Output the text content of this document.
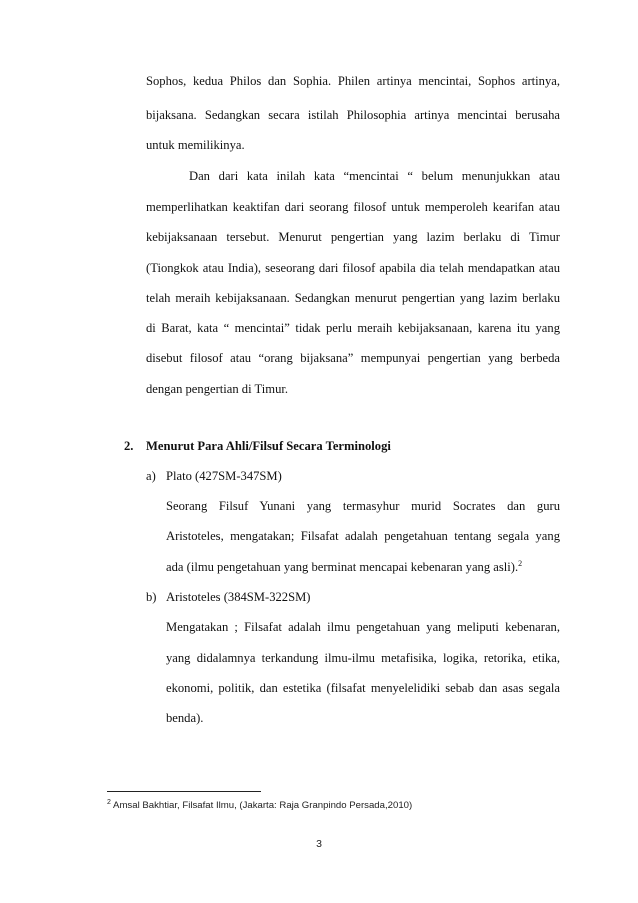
Sophos, kedua Philos dan Sophia. Philen artinya mencintai, Sophos artinya,
bijaksana. Sedangkan secara istilah Philosophia artinya mencintai berusaha
untuk memilikinya.
Dan dari kata inilah kata “mencintai “ belum menunjukkan atau
memperlihatkan keaktifan dari seorang filosof untuk memperoleh kearifan atau
kebijaksanaan tersebut. Menurut pengertian yang lazim berlaku di Timur
(Tiongkok atau India), seseorang dari filosof apabila dia telah mendapatkan atau
telah meraih kebijaksanaan. Sedangkan menurut pengertian yang lazim berlaku
di Barat, kata “ mencintai” tidak perlu meraih kebijaksanaan, karena itu yang
disebut filosof atau “orang bijaksana” mempunyai pengertian yang berbeda
dengan pengertian di Timur.
2. Menurut Para Ahli/Filsuf Secara Terminologi
a) Plato (427SM-347SM)
Seorang Filsuf Yunani yang termasyhur murid Socrates dan guru
Aristoteles, mengatakan; Filsafat adalah pengetahuan tentang segala yang
ada (ilmu pengetahuan yang berminat mencapai kebenaran yang asli).$^2$
b) Aristoteles (384SM-322SM)
Mengatakan ; Filsafat adalah ilmu pengetahuan yang meliputi kebenaran,
yang didalamnya terkandung ilmu-ilmu metafisika, logika, retorika, etika,
ekonomi, politik, dan estetika (filsafat menyelelidiki sebab dan asas segala
benda).
$^2$ Amsal Bakhtiar, Filsafat Ilmu, (Jakarta: Raja Granpindo Persada,2010)
3
